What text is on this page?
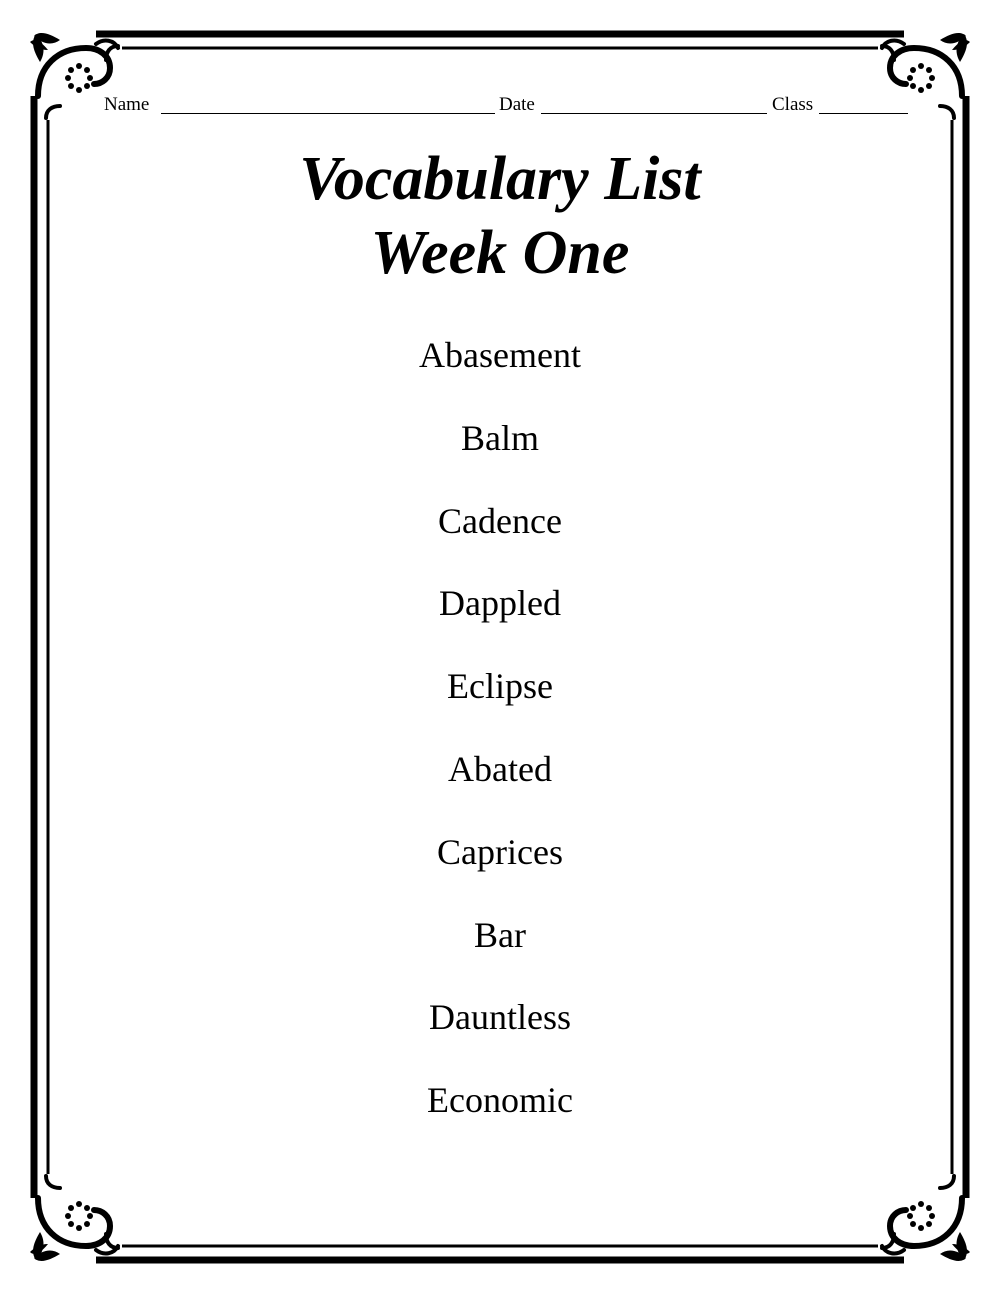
Name	Date	Class
Vocabulary List
Week One
Abasement
Balm
Cadence
Dappled
Eclipse
Abated
Caprices
Bar
Dauntless
Economic
